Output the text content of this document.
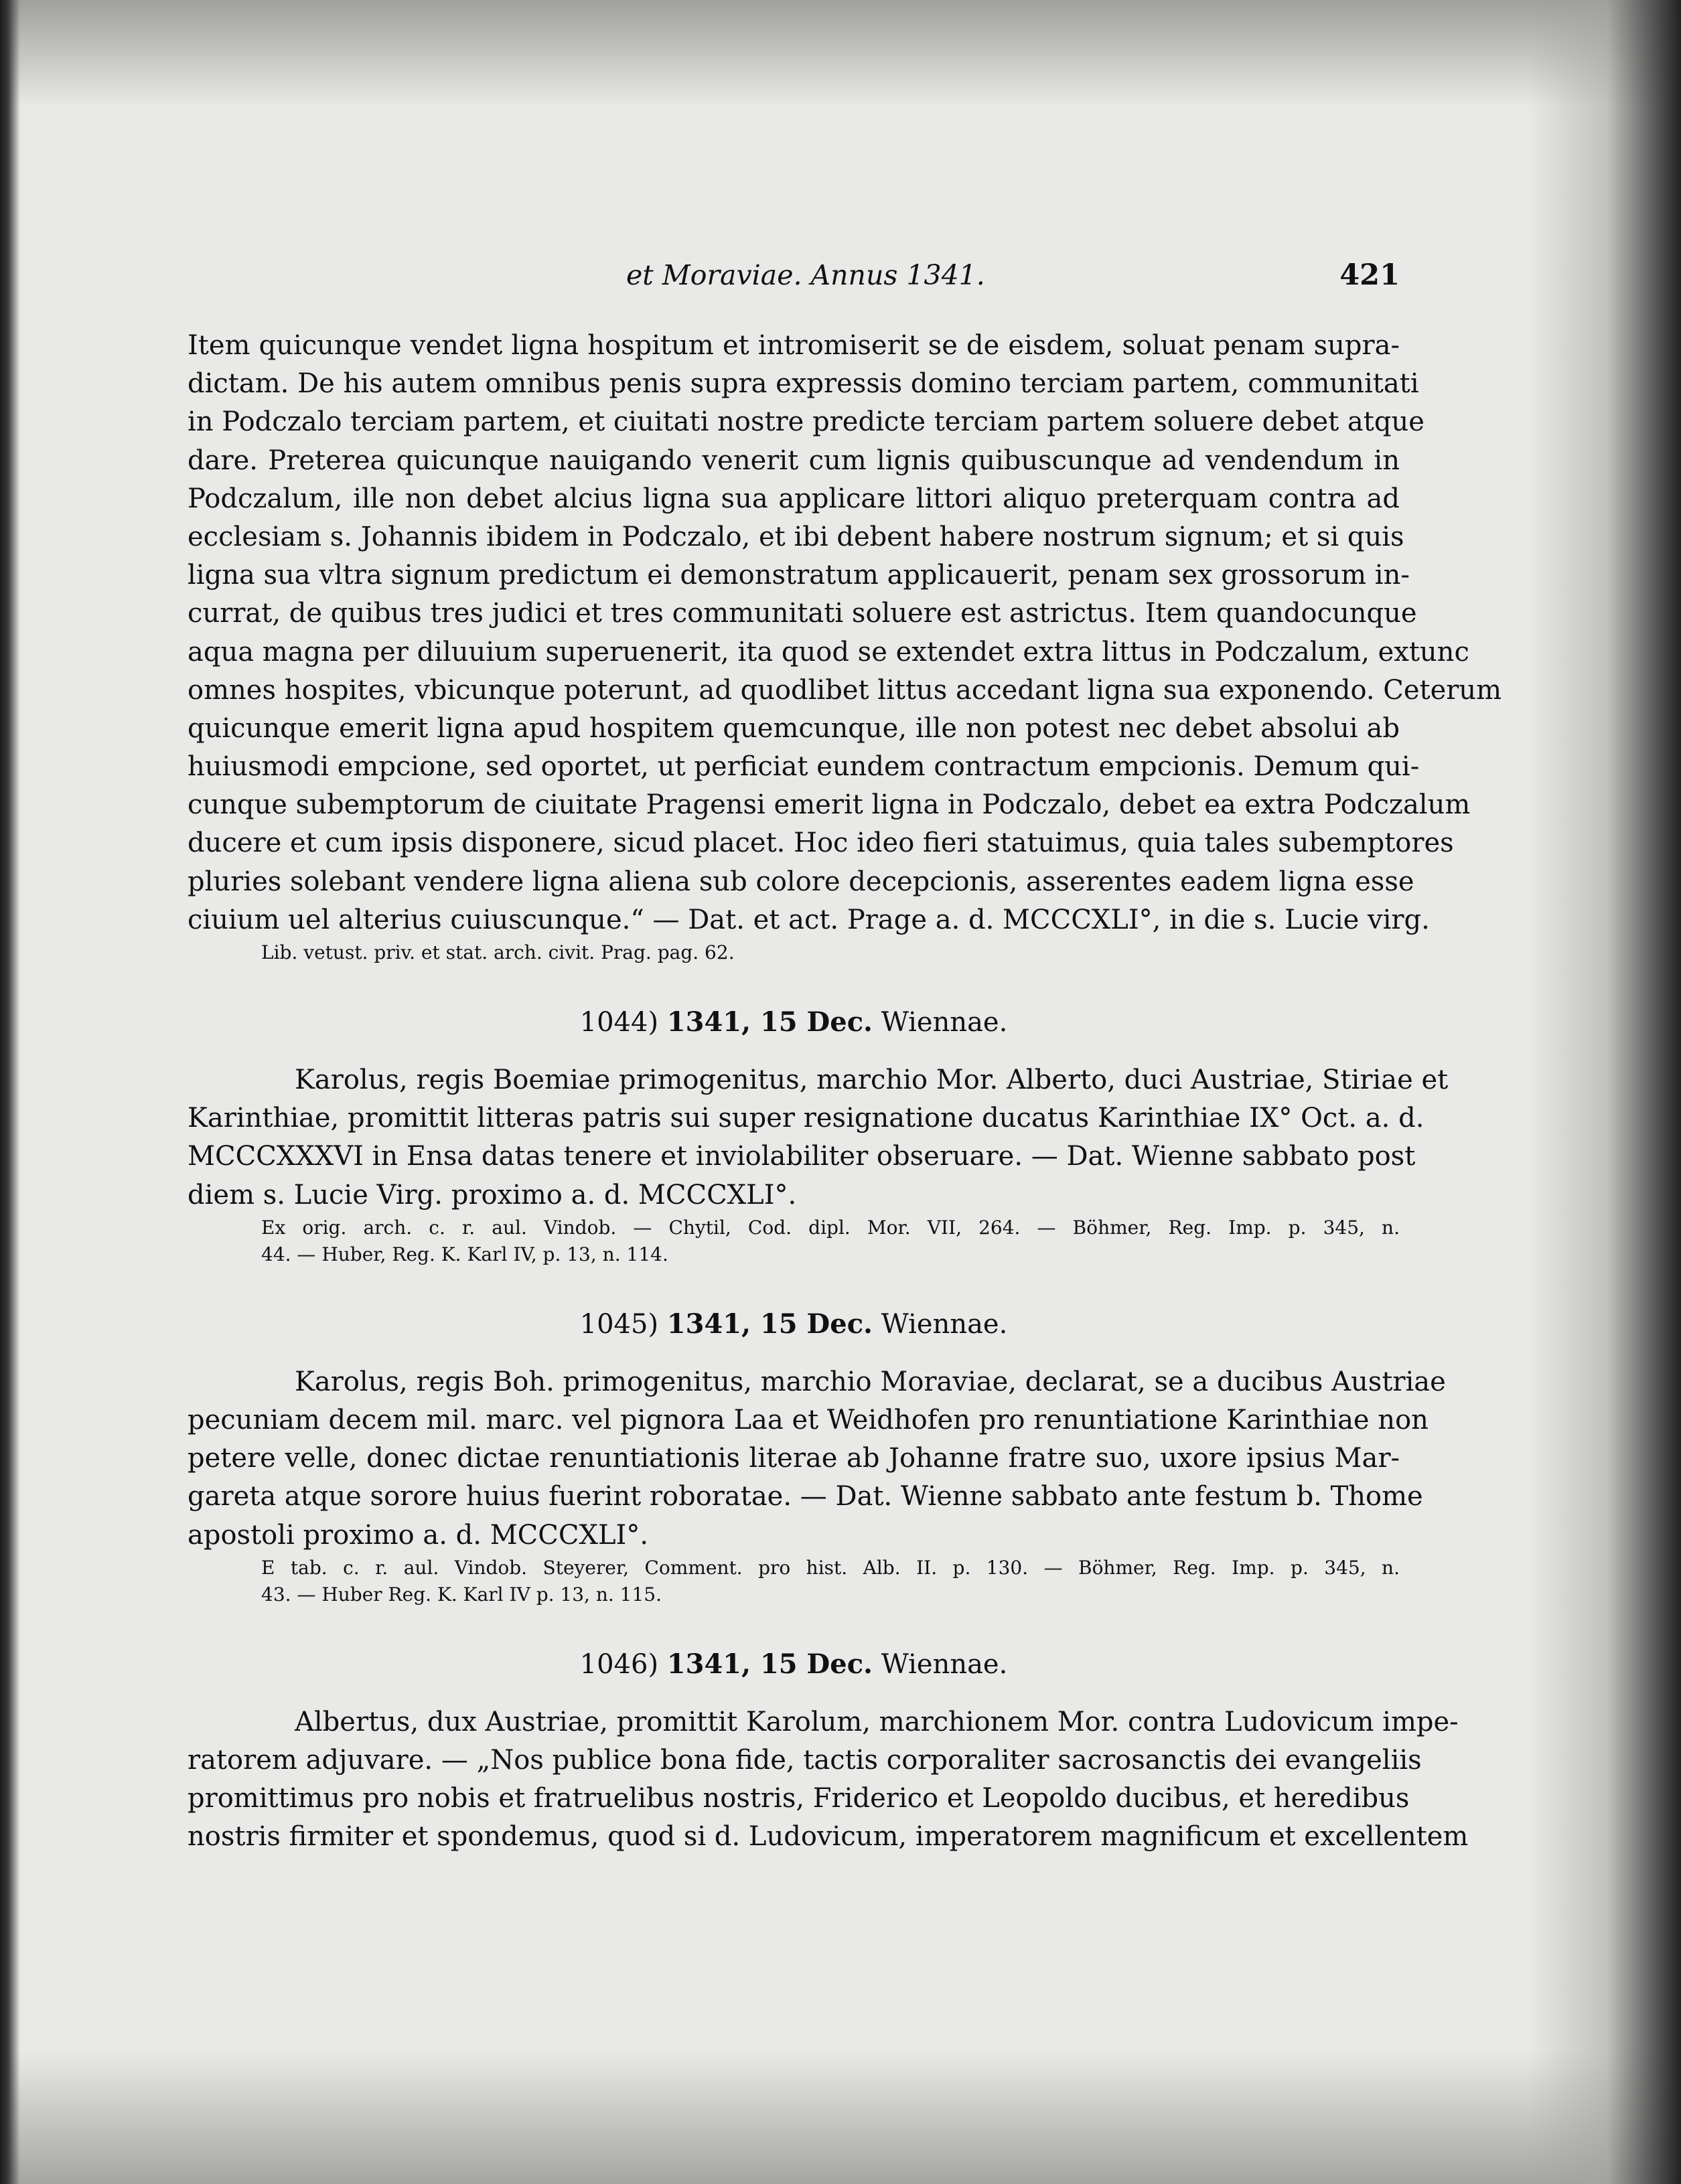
et Moraviae. Annus 1341.	421
Item quicunque vendet ligna hospitum et intromiserit se de eisdem, soluat penam supra-
dictam. De his autem omnibus penis supra expressis domino terciam partem, communitati
in Podczalo terciam partem, et ciuitati nostre predicte terciam partem soluere debet atque
dare. Preterea quicunque nauigando venerit cum lignis quibuscunque ad vendendum in
Podczalum, ille non debet alcius ligna sua applicare littori aliquo preterquam contra ad
ecclesiam s. Johannis ibidem in Podczalo, et ibi debent habere nostrum signum; et si quis
ligna sua vltra signum predictum ei demonstratum applicauerit, penam sex grossorum in-
currat, de quibus tres judici et tres communitati soluere est astrictus. Item quandocunque
aqua magna per diluuium superuenerit, ita quod se extendet extra littus in Podczalum, extunc
omnes hospites, vbicunque poterunt, ad quodlibet littus accedant ligna sua exponendo. Ceterum
quicunque emerit ligna apud hospitem quemcunque, ille non potest nec debet absolui ab
huiusmodi empcione, sed oportet, ut perficiat eundem contractum empcionis. Demum qui-
cunque subemptorum de ciuitate Pragensi emerit ligna in Podczalo, debet ea extra Podczalum
ducere et cum ipsis disponere, sicud placet. Hoc ideo fieri statuimus, quia tales subemptores
pluries solebant vendere ligna aliena sub colore decepcionis, asserentes eadem ligna esse
ciuium uel alterius cuiuscunque.“ — Dat. et act. Prage a. d. MCCCXLI°, in die s. Lucie virg.
Lib. vetust. priv. et stat. arch. civit. Prag. pag. 62.
1044) 1341, 15 Dec. Wiennae.
Karolus, regis Boemiae primogenitus, marchio Mor. Alberto, duci Austriae, Stiriae et
Karinthiae, promittit litteras patris sui super resignatione ducatus Karinthiae IX° Oct. a. d.
MCCCXXXVI in Ensa datas tenere et inviolabiliter obseruare. — Dat. Wienne sabbato post
diem s. Lucie Virg. proximo a. d. MCCCXLI°.
Ex orig. arch. c. r. aul. Vindob. — Chytil, Cod. dipl. Mor. VII, 264. — Böhmer, Reg. Imp. p. 345, n.
44. — Huber, Reg. K. Karl IV, p. 13, n. 114.
1045) 1341, 15 Dec. Wiennae.
Karolus, regis Boh. primogenitus, marchio Moraviae, declarat, se a ducibus Austriae
pecuniam decem mil. marc. vel pignora Laa et Weidhofen pro renuntiatione Karinthiae non
petere velle, donec dictae renuntiationis literae ab Johanne fratre suo, uxore ipsius Mar-
gareta atque sorore huius fuerint roboratae. — Dat. Wienne sabbato ante festum b. Thome
apostoli proximo a. d. MCCCXLI°.
E tab. c. r. aul. Vindob. Steyerer, Comment. pro hist. Alb. II. p. 130. — Böhmer, Reg. Imp. p. 345, n.
43. — Huber Reg. K. Karl IV p. 13, n. 115.
1046) 1341, 15 Dec. Wiennae.
Albertus, dux Austriae, promittit Karolum, marchionem Mor. contra Ludovicum impe-
ratorem adjuvare. — „Nos publice bona fide, tactis corporaliter sacrosanctis dei evangeliis
promittimus pro nobis et fratruelibus nostris, Friderico et Leopoldo ducibus, et heredibus
nostris firmiter et spondemus, quod si d. Ludovicum, imperatorem magnificum et excellentem
